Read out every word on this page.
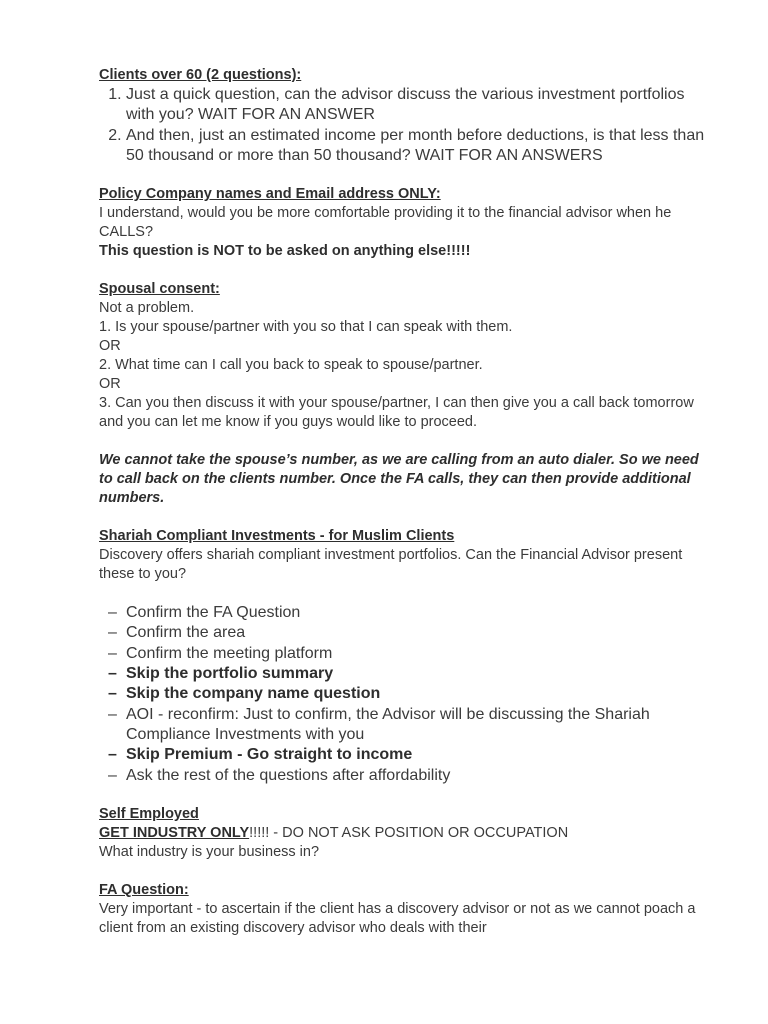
Clients over 60 (2 questions):

1. Just a quick question, can the advisor discuss the various investment portfolios with you? WAIT FOR AN ANSWER
2. And then, just an estimated income per month before deductions, is that less than 50 thousand or more than 50 thousand? WAIT FOR AN ANSWERS

Policy Company names and Email address ONLY:

I understand, would you be more comfortable providing it to the financial advisor when he CALLS?

This question is NOT to be asked on anything else!!!!!

Spousal consent:

Not a problem.

1. Is your spouse/partner with you so that I can speak with them.

OR

2. What time can I call you back to speak to spouse/partner.

OR

3. Can you then discuss it with your spouse/partner, I can then give you a call back tomorrow and you can let me know if you guys would like to proceed.

We cannot take the spouse’s number, as we are calling from an auto dialer. So we need to call back on the clients number. Once the FA calls, they can then provide additional numbers.

Shariah Compliant Investments - for Muslim Clients

Discovery offers shariah compliant investment portfolios. Can the Financial Advisor present these to you?

– Confirm the FA Question
– Confirm the area
– Confirm the meeting platform
– Skip the portfolio summary
– Skip the company name question
– AOI - reconfirm: Just to confirm, the Advisor will be discussing the Shariah Compliance Investments with you
– Skip Premium - Go straight to income
– Ask the rest of the questions after affordability

Self Employed

GET INDUSTRY ONLY!!!!! - DO NOT ASK POSITION OR OCCUPATION

What industry is your business in?

FA Question:

Very important - to ascertain if the client has a discovery advisor or not as we cannot poach a client from an existing discovery advisor who deals with their
